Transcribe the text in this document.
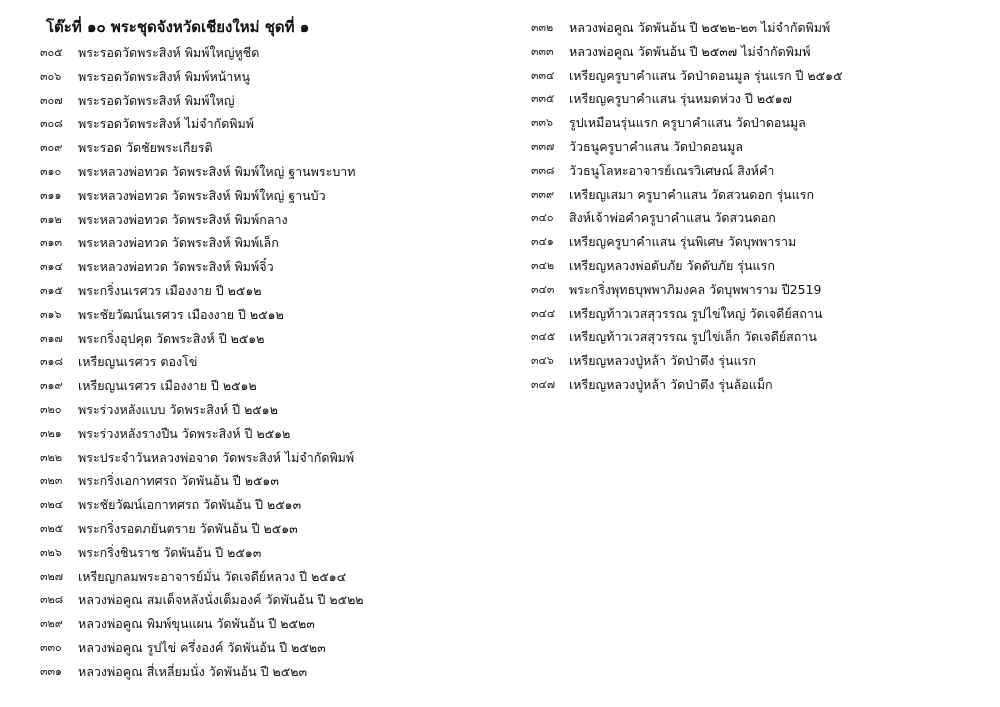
โต๊ะที่ ๑๐ พระชุดจังหวัดเชียงใหม่ ชุดที่ ๑
๓๐๕	พระรอดวัดพระสิงห์ พิมพ์ใหญ่หูชีด
๓๐๖	พระรอดวัดพระสิงห์ พิมพ์หน้าหนู
๓๐๗	พระรอดวัดพระสิงห์ พิมพ์ใหญ่
๓๐๘	พระรอดวัดพระสิงห์ ไม่จำกัดพิมพ์
๓๐๙	พระรอด วัดชัยพระเกียรติ
๓๑๐	พระหลวงพ่อทวด วัดพระสิงห์ พิมพ์ใหญ่ ฐานพระบาท
๓๑๑	พระหลวงพ่อทวด วัดพระสิงห์ พิมพ์ใหญ่ ฐานบัว
๓๑๒	พระหลวงพ่อทวด วัดพระสิงห์ พิมพ์กลาง
๓๑๓	พระหลวงพ่อทวด วัดพระสิงห์ พิมพ์เล็ก
๓๑๔	พระหลวงพ่อทวด วัดพระสิงห์ พิมพ์จิ๋ว
๓๑๕	พระกริ่งนเรศวร เมืองงาย ปี ๒๕๑๒
๓๑๖	พระชัยวัฒน์นเรศวร เมืองงาย ปี ๒๕๑๒
๓๑๗	พระกริ่งอุปคุต วัดพระสิงห์ ปี ๒๕๑๒
๓๑๘	เหรียญนเรศวร ตองโข่
๓๑๙	เหรียญนเรศวร เมืองงาย ปี ๒๕๑๒
๓๒๐	พระร่วงหลังแบบ วัดพระสิงห์ ปี ๒๕๑๒
๓๒๑	พระร่วงหลังรางปืน วัดพระสิงห์ ปี ๒๕๑๒
๓๒๒	พระประจำวันหลวงพ่อจาด วัดพระสิงห์ ไม่จำกัดพิมพ์
๓๒๓	พระกริ่งเอกาทศรถ วัดพันอ้น ปี ๒๕๑๓
๓๒๔	พระชัยวัฒน์เอกาทศรถ วัดพันอ้น ปี ๒๕๑๓
๓๒๕	พระกริ่งรอดภยันตราย วัดพันอ้น ปี ๒๕๑๓
๓๒๖	พระกริ่งชินราช วัดพันอ้น ปี ๒๕๑๓
๓๒๗	เหรียญกลมพระอาจารย์มั่น วัดเจดีย์หลวง ปี ๒๕๑๔
๓๒๘	หลวงพ่อคูณ สมเด็จหลังนั่งเต็มองค์ วัดพันอ้น ปี ๒๕๒๒
๓๒๙	หลวงพ่อคูณ พิมพ์ขุนแผน วัดพันอ้น ปี ๒๕๒๓
๓๓๐	หลวงพ่อคูณ รูปไข่ ครึ่งองค์ วัดพันอ้น ปี ๒๕๒๓
๓๓๑	หลวงพ่อคูณ สี่เหลี่ยมนั่ง วัดพันอ้น ปี ๒๕๒๓
๓๓๒	หลวงพ่อคูณ วัดพันอ้น ปี ๒๕๒๒-๒๓ ไม่จำกัดพิมพ์
๓๓๓	หลวงพ่อคูณ วัดพันอ้น ปี ๒๕๓๗ ไม่จำกัดพิมพ์
๓๓๔	เหรียญครูบาคำแสน วัดป่าดอนมูล รุ่นแรก ปี ๒๕๑๕
๓๓๕	เหรียญครูบาคำแสน รุ่นหมดห่วง ปี ๒๕๑๗
๓๓๖	รูปเหมือนรุ่นแรก ครูบาคำแสน วัดป่าดอนมูล
๓๓๗	วัวธนูครูบาคำแสน วัดป่าดอนมูล
๓๓๘	วัวธนูโลหะอาจารย์เณรวิเศษณ์ สิงห์คำ
๓๓๙	เหรียญเสมา ครูบาคำแสน วัดสวนดอก รุ่นแรก
๓๔๐	สิงห์เจ้าพ่อคำครูบาคำแสน วัดสวนดอก
๓๔๑	เหรียญครูบาคำแสน รุ่นพิเศษ วัดบุพพาราม
๓๔๒	เหรียญหลวงพ่อดับภัย วัดดับภัย รุ่นแรก
๓๔๓	พระกริ่งพุทธบุพพาภิมงคล วัดบุพพาราม ปี2519
๓๔๔	เหรียญท้าวเวสสุวรรณ รูปไข่ใหญ่ วัดเจดีย์สถาน
๓๔๕	เหรียญท้าวเวสสุวรรณ รูปไข่เล็ก วัดเจดีย์สถาน
๓๔๖	เหรียญหลวงปู่หล้า วัดป่าตึง รุ่นแรก
๓๔๗	เหรียญหลวงปู่หล้า วัดป่าตึง รุ่นล้อแม็ก
